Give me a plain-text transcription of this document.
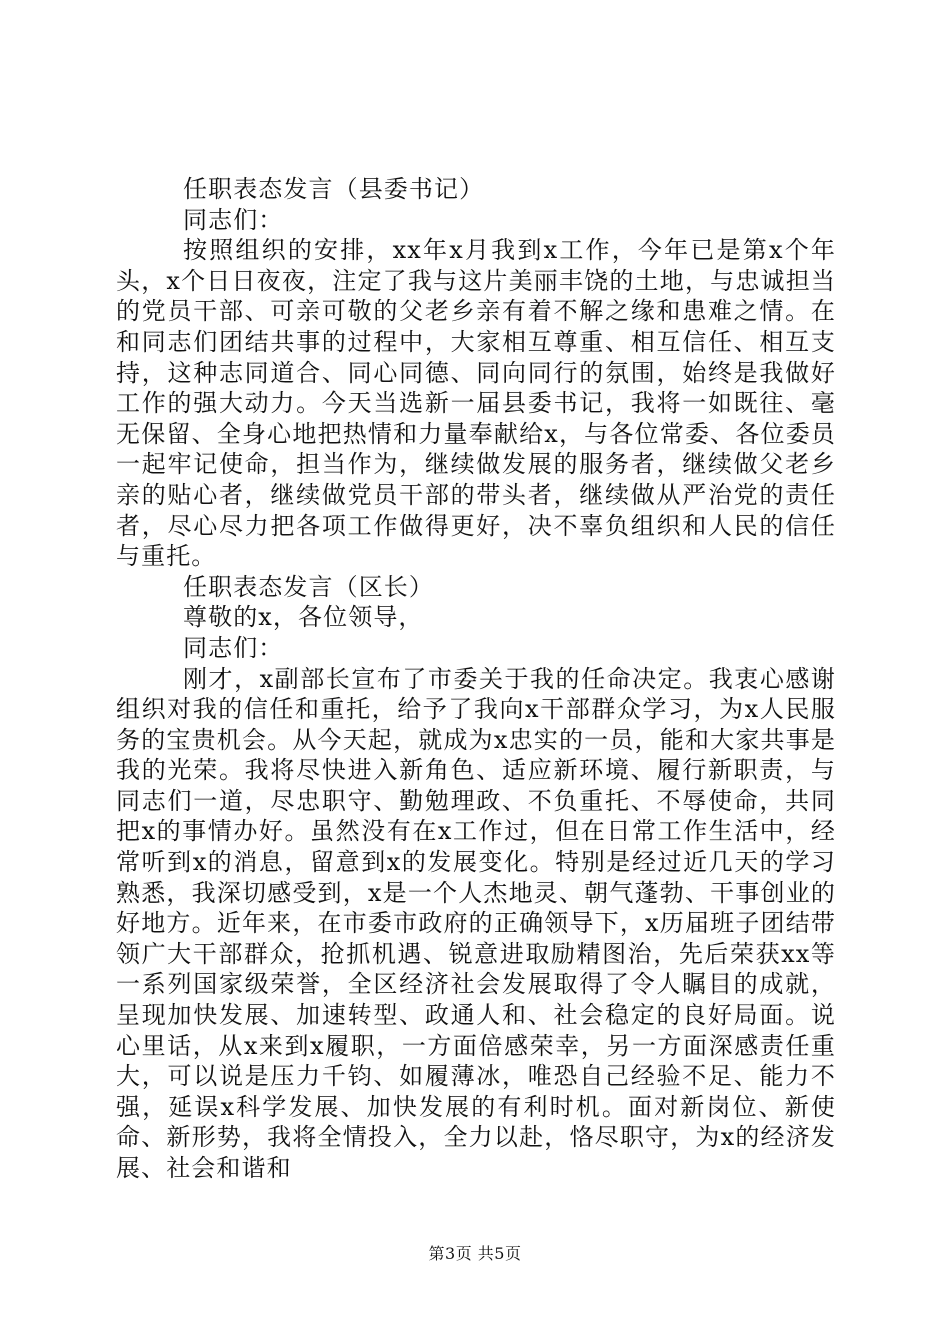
任职表态发言（县委书记）

同志们：

按照组织的安排，xx年x月我到x工作，今年已是第x个年头，x个日日夜夜，注定了我与这片美丽丰饶的土地，与忠诚担当的党员干部、可亲可敬的父老乡亲有着不解之缘和患难之情。在和同志们团结共事的过程中，大家相互尊重、相互信任、相互支持，这种志同道合、同心同德、同向同行的氛围，始终是我做好工作的强大动力。今天当选新一届县委书记，我将一如既往、毫无保留、全身心地把热情和力量奉献给x，与各位常委、各位委员一起牢记使命，担当作为，继续做发展的服务者，继续做父老乡亲的贴心者，继续做党员干部的带头者，继续做从严治党的责任者，尽心尽力把各项工作做得更好，决不辜负组织和人民的信任与重托。

任职表态发言（区长）

尊敬的x，各位领导，

同志们：

刚才，x副部长宣布了市委关于我的任命决定。我衷心感谢组织对我的信任和重托，给予了我向x干部群众学习，为x人民服务的宝贵机会。从今天起，就成为x忠实的一员，能和大家共事是我的光荣。我将尽快进入新角色、适应新环境、履行新职责，与同志们一道，尽忠职守、勤勉理政、不负重托、不辱使命，共同把x的事情办好。虽然没有在x工作过，但在日常工作生活中，经常听到x的消息，留意到x的发展变化。特别是经过近几天的学习熟悉，我深切感受到，x是一个人杰地灵、朝气蓬勃、干事创业的好地方。近年来，在市委市政府的正确领导下，x历届班子团结带领广大干部群众，抢抓机遇、锐意进取励精图治，先后荣获xx等一系列国家级荣誉，全区经济社会发展取得了令人瞩目的成就，呈现加快发展、加速转型、政通人和、社会稳定的良好局面。说心里话，从x来到x履职，一方面倍感荣幸，另一方面深感责任重大，可以说是压力千钧、如履薄冰，唯恐自己经验不足、能力不强，延误x科学发展、加快发展的有利时机。面对新岗位、新使命、新形势，我将全情投入，全力以赴，恪尽职守，为x的经济发展、社会和谐和

第3页 共5页
